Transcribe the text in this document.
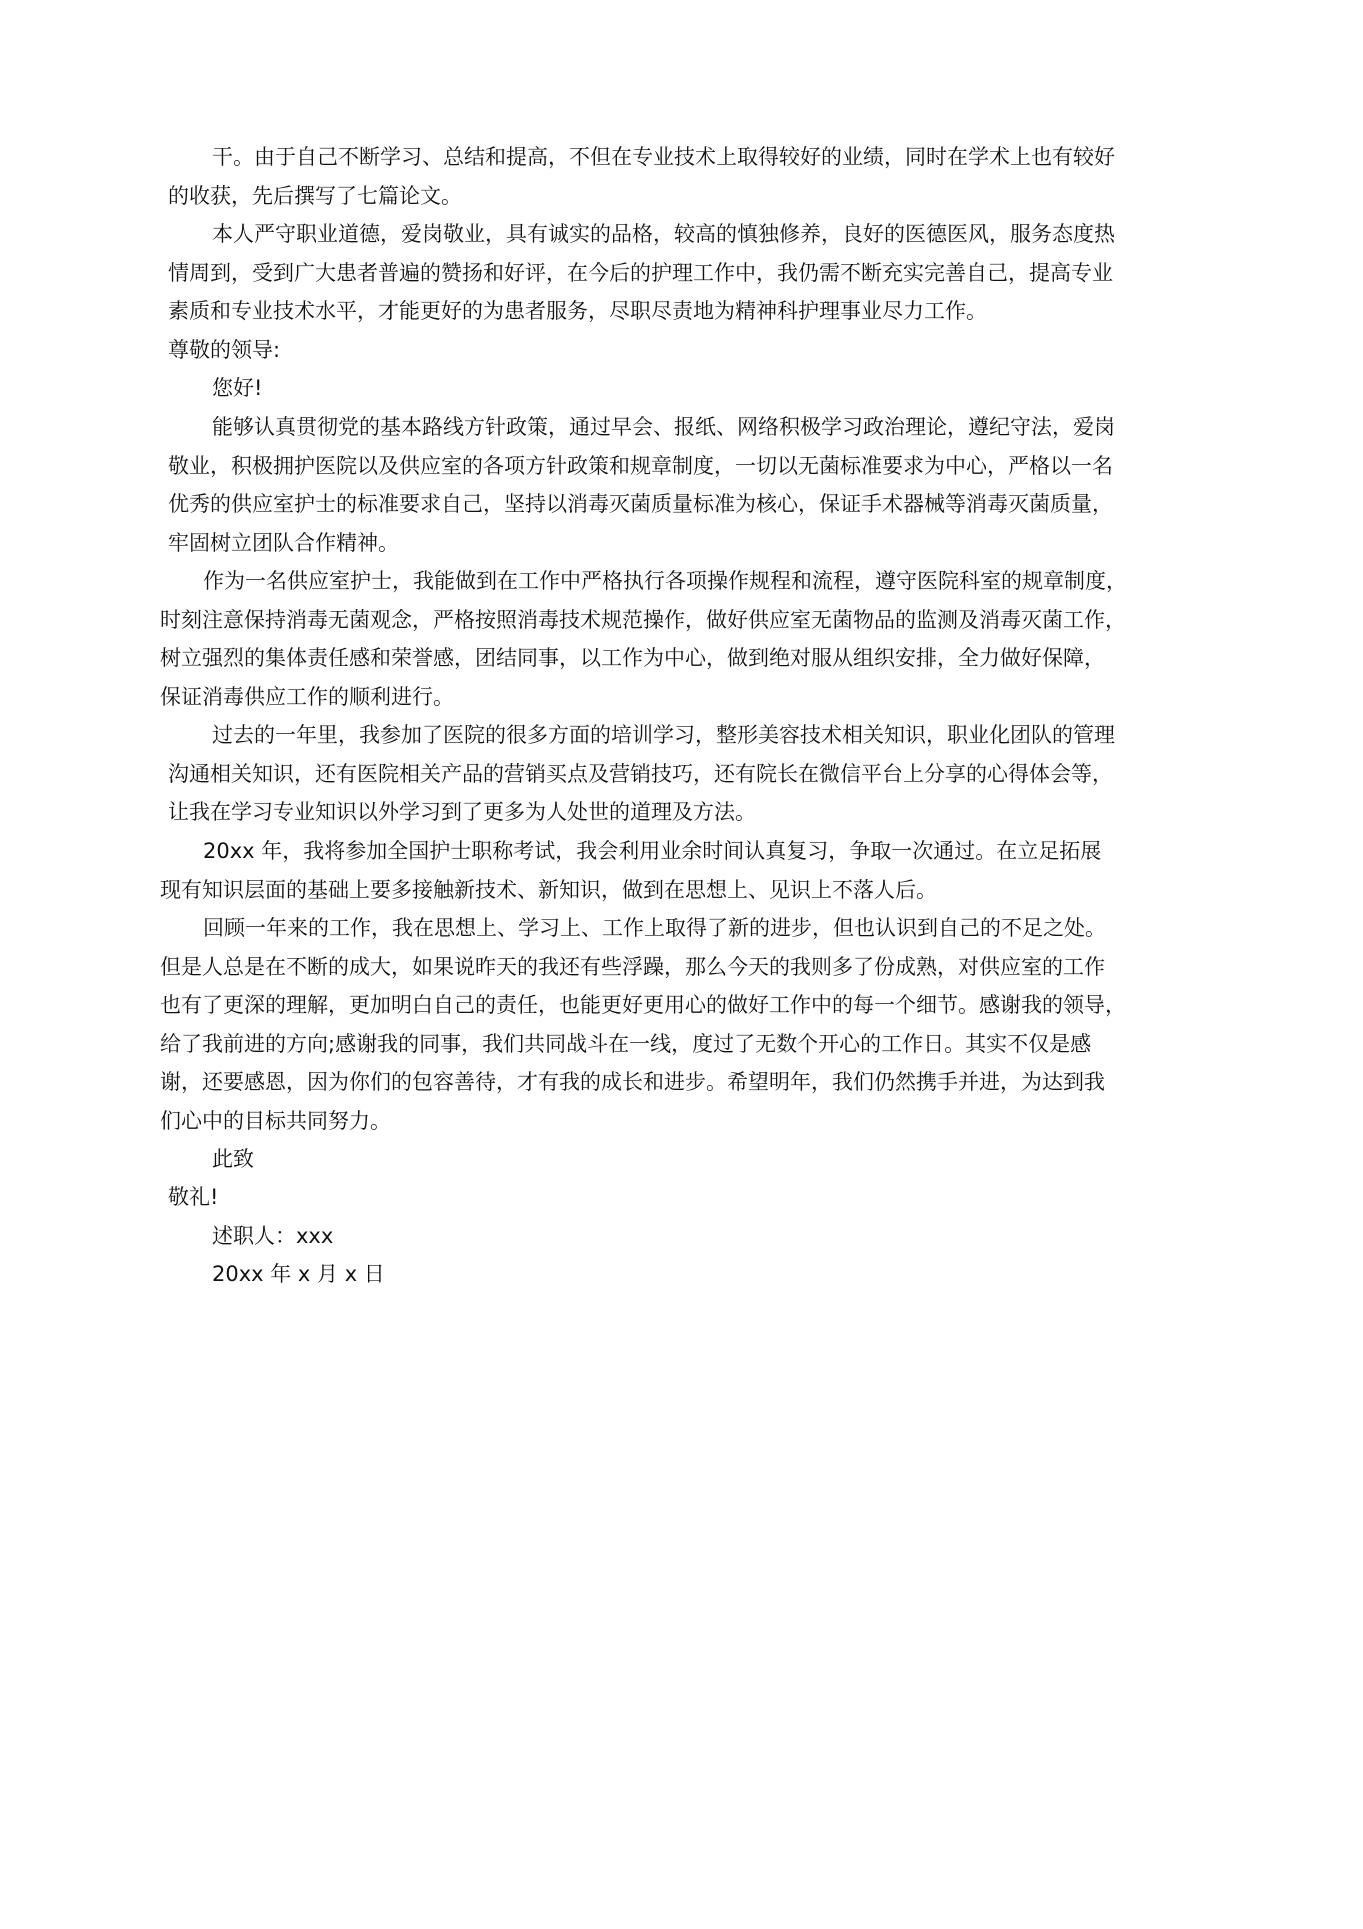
干。由于自己不断学习、总结和提高，不但在专业技术上取得较好的业绩，同时在学术上也有较好
的收获，先后撰写了七篇论文。
本人严守职业道德，爱岗敬业，具有诚实的品格，较高的慎独修养，良好的医德医风，服务态度热
情周到，受到广大患者普遍的赞扬和好评，在今后的护理工作中，我仍需不断充实完善自己，提高专业
素质和专业技术水平，才能更好的为患者服务，尽职尽责地为精神科护理事业尽力工作。
尊敬的领导:
您好!
能够认真贯彻党的基本路线方针政策，通过早会、报纸、网络积极学习政治理论，遵纪守法，爱岗
敬业，积极拥护医院以及供应室的各项方针政策和规章制度，一切以无菌标准要求为中心，严格以一名
优秀的供应室护士的标准要求自己，坚持以消毒灭菌质量标准为核心，保证手术器械等消毒灭菌质量，
牢固树立团队合作精神。
作为一名供应室护士，我能做到在工作中严格执行各项操作规程和流程，遵守医院科室的规章制度，
时刻注意保持消毒无菌观念，严格按照消毒技术规范操作，做好供应室无菌物品的监测及消毒灭菌工作，
树立强烈的集体责任感和荣誉感，团结同事，以工作为中心，做到绝对服从组织安排，全力做好保障，
保证消毒供应工作的顺利进行。
过去的一年里，我参加了医院的很多方面的培训学习，整形美容技术相关知识，职业化团队的管理
沟通相关知识，还有医院相关产品的营销买点及营销技巧，还有院长在微信平台上分享的心得体会等，
让我在学习专业知识以外学习到了更多为人处世的道理及方法。
20xx 年，我将参加全国护士职称考试，我会利用业余时间认真复习，争取一次通过。在立足拓展
现有知识层面的基础上要多接触新技术、新知识，做到在思想上、见识上不落人后。
回顾一年来的工作，我在思想上、学习上、工作上取得了新的进步，但也认识到自己的不足之处。
但是人总是在不断的成大，如果说昨天的我还有些浮躁，那么今天的我则多了份成熟，对供应室的工作
也有了更深的理解，更加明白自己的责任，也能更好更用心的做好工作中的每一个细节。感谢我的领导，
给了我前进的方向;感谢我的同事，我们共同战斗在一线，度过了无数个开心的工作日。其实不仅是感
谢，还要感恩，因为你们的包容善待，才有我的成长和进步。希望明年，我们仍然携手并进，为达到我
们心中的目标共同努力。
此致
敬礼!
述职人：xxx
20xx 年 x 月 x 日
